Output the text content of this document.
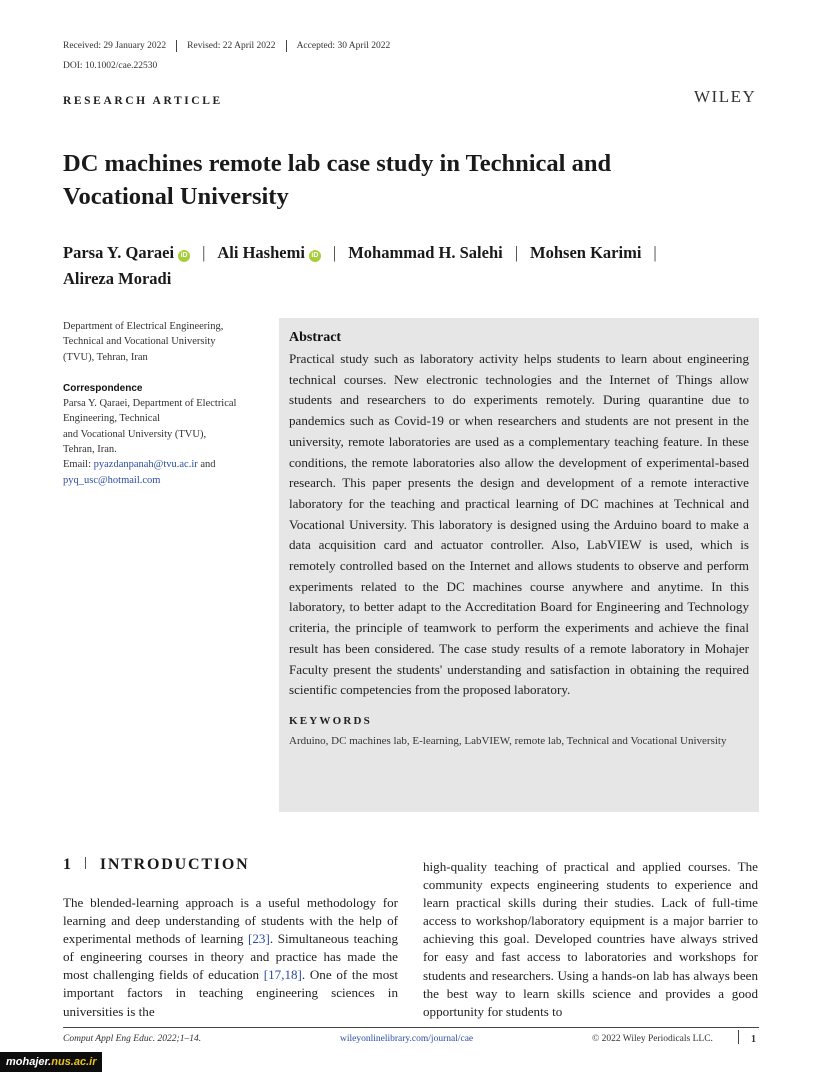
Received: 29 January 2022	Revised: 22 April 2022	Accepted: 30 April 2022
DOI: 10.1002/cae.22530
RESEARCH ARTICLE	WILEY
DC machines remote lab case study in Technical and Vocational University
Parsa Y. Qaraei iD | Ali Hashemi iD | Mohammad H. Salehi | Mohsen Karimi |
Alireza Moradi
Department of Electrical Engineering,
Technical and Vocational University
(TVU), Tehran, Iran
Correspondence
Parsa Y. Qaraei, Department of Electrical
Engineering, Technical
and Vocational University (TVU),
Tehran, Iran.
Email: pyazdanpanah@tvu.ac.ir and
pyq_usc@hotmail.com
Abstract

Practical study such as laboratory activity helps students to learn about engineering technical courses. New electronic technologies and the Internet of Things allow students and researchers to do experiments remotely. During quarantine due to pandemics such as Covid-19 or when researchers and students are not present in the university, remote laboratories are used as a complementary teaching feature. In these conditions, the remote laboratories also allow the development of experimental-based research. This paper presents the design and development of a remote interactive laboratory for the teaching and practical learning of DC machines at Technical and Vocational University. This laboratory is designed using the Arduino board to make a data acquisition card and actuator controller. Also, LabVIEW is used, which is remotely controlled based on the Internet and allows students to observe and perform experiments related to the DC machines course anywhere and anytime. In this laboratory, to better adapt to the Accreditation Board for Engineering and Technology criteria, the principle of teamwork to perform the experiments and achieve the final result has been considered. The case study results of a remote laboratory in Mohajer Faculty present the students' understanding and satisfaction in obtaining the required scientific competencies from the proposed laboratory.

KEYWORDS
Arduino, DC machines lab, E-learning, LabVIEW, remote lab, Technical and Vocational University
1 INTRODUCTION

The blended-learning approach is a useful methodology for learning and deep understanding of students with the help of experimental methods of learning [23]. Simultaneous teaching of engineering courses in theory and practice has made the most challenging fields of education [17,18]. One of the most important factors in teaching engineering sciences in universities is the

high-quality teaching of practical and applied courses. The community expects engineering students to experience and learn practical skills during their studies. Lack of full-time access to workshop/laboratory equipment is a major barrier to achieving this goal. Developed countries have always strived for easy and fast access to laboratories and workshops for students and researchers. Using a hands-on lab has always been the best way to learn skills science and provides a good opportunity for students to

Comput Appl Eng Educ. 2022;1–14.	wileyonlinelibrary.com/journal/cae	© 2022 Wiley Periodicals LLC.	1
mohajer.nus.ac.ir
